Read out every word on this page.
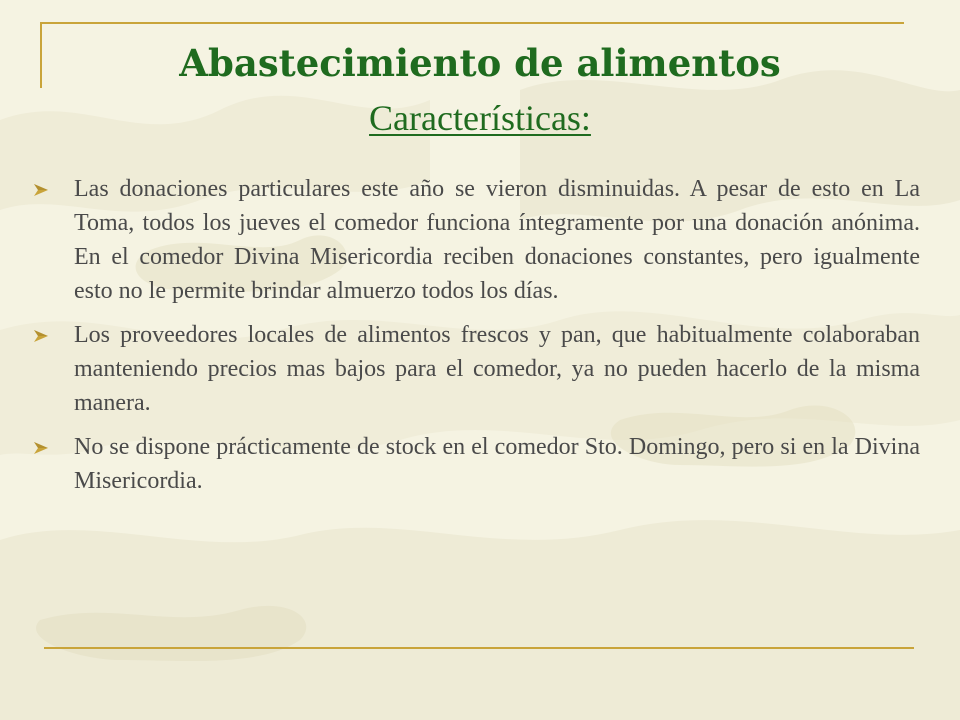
Abastecimiento de alimentos
Características:

Las donaciones particulares este año se vieron disminuidas. A pesar de esto en La Toma, todos los jueves el comedor funciona íntegramente por una donación anónima. En el comedor Divina Misericordia reciben donaciones constantes, pero igualmente esto no le permite brindar almuerzo todos los días.

Los proveedores locales de alimentos frescos y pan, que habitualmente colaboraban manteniendo precios mas bajos para el comedor, ya no pueden hacerlo de la misma manera.

No se dispone prácticamente de stock en el comedor Sto. Domingo, pero si en la Divina Misericordia.
